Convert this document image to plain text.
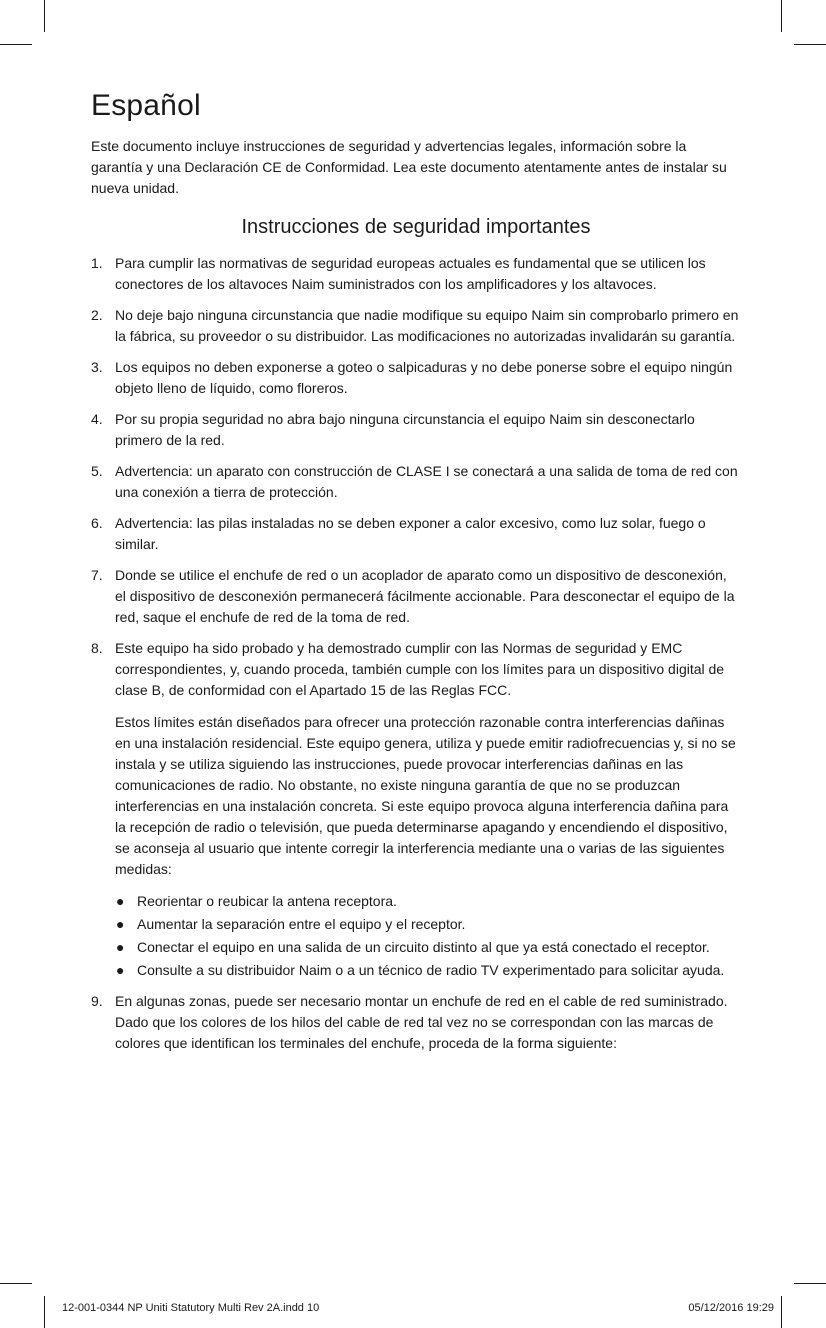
Español

Este documento incluye instrucciones de seguridad y advertencias legales, información sobre la garantía y una Declaración CE de Conformidad. Lea este documento atentamente antes de instalar su nueva unidad.

Instrucciones de seguridad importantes
1. Para cumplir las normativas de seguridad europeas actuales es fundamental que se utilicen los conectores de los altavoces Naim suministrados con los amplificadores y los altavoces.
2. No deje bajo ninguna circunstancia que nadie modifique su equipo Naim sin comprobarlo primero en la fábrica, su proveedor o su distribuidor. Las modificaciones no autorizadas invalidarán su garantía.
3. Los equipos no deben exponerse a goteo o salpicaduras y no debe ponerse sobre el equipo ningún objeto lleno de líquido, como floreros.
4. Por su propia seguridad no abra bajo ninguna circunstancia el equipo Naim sin desconectarlo primero de la red.
5. Advertencia: un aparato con construcción de CLASE I se conectará a una salida de toma de red con una conexión a tierra de protección.
6. Advertencia: las pilas instaladas no se deben exponer a calor excesivo, como luz solar, fuego o similar.
7. Donde se utilice el enchufe de red o un acoplador de aparato como un dispositivo de desconexión, el dispositivo de desconexión permanecerá fácilmente accionable. Para desconectar el equipo de la red, saque el enchufe de red de la toma de red.
8. Este equipo ha sido probado y ha demostrado cumplir con las Normas de seguridad y EMC correspondientes, y, cuando proceda, también cumple con los límites para un dispositivo digital de clase B, de conformidad con el Apartado 15 de las Reglas FCC.
Estos límites están diseñados para ofrecer una protección razonable contra interferencias dañinas en una instalación residencial. Este equipo genera, utiliza y puede emitir radiofrecuencias y, si no se instala y se utiliza siguiendo las instrucciones, puede provocar interferencias dañinas en las comunicaciones de radio. No obstante, no existe ninguna garantía de que no se produzcan interferencias en una instalación concreta. Si este equipo provoca alguna interferencia dañina para la recepción de radio o televisión, que pueda determinarse apagando y encendiendo el dispositivo, se aconseja al usuario que intente corregir la interferencia mediante una o varias de las siguientes medidas:
● Reorientar o reubicar la antena receptora.
● Aumentar la separación entre el equipo y el receptor.
● Conectar el equipo en una salida de un circuito distinto al que ya está conectado el receptor.
● Consulte a su distribuidor Naim o a un técnico de radio TV experimentado para solicitar ayuda.
9. En algunas zonas, puede ser necesario montar un enchufe de red en el cable de red suministrado. Dado que los colores de los hilos del cable de red tal vez no se correspondan con las marcas de colores que identifican los terminales del enchufe, proceda de la forma siguiente:
12-001-0344 NP Uniti Statutory Multi Rev 2A.indd 10	05/12/2016 19:29
